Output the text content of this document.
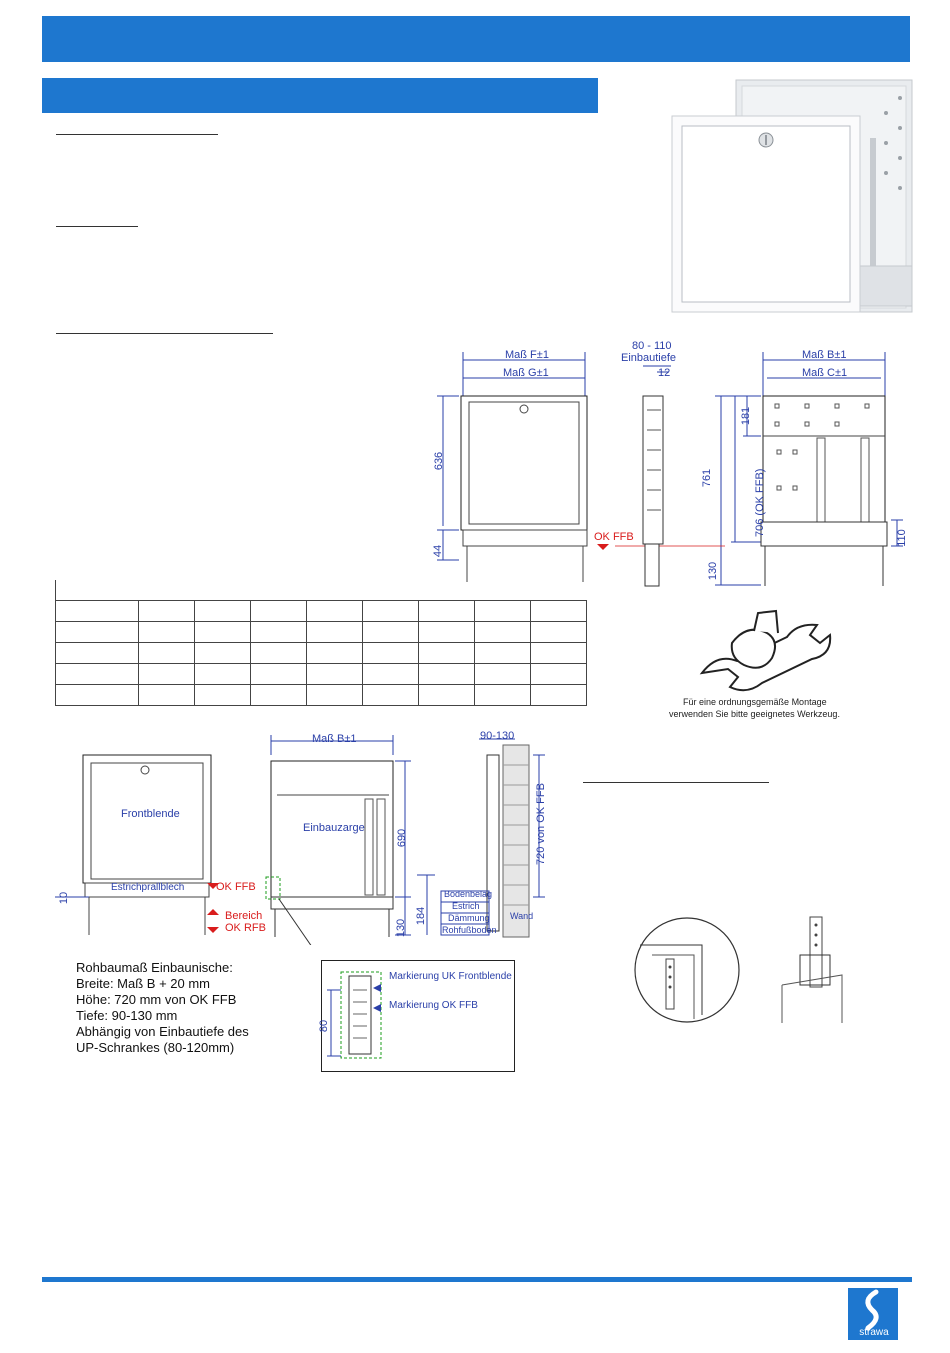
Maß F±1
Maß G±1
636
44
OK FFB
80 - 110
Einbautiefe
12
Maß B±1
Maß C±1
181
761	706 (OK FFB)
130
110

Für eine ordnungsgemäße Montage
verwenden Sie bitte geeignetes Werkzeug.
Frontblende
Estrichprallblech
10
OK FFB
Bereich
OK RFB
Maß B±1
Einbauzarge
690
130
184
90-130
720 von OK FFB
Bodenbelag
Estrich
Dämmung
Rohfußboden
Wand
Rohbaumaß Einbaunische:
Breite: Maß B + 20 mm
Höhe: 720 mm von OK FFB
Tiefe: 90-130 mm
Abhängig von Einbautiefe des
UP-Schrankes (80-120mm)
Markierung UK Frontblende
Markierung OK FFB
80
strawa
